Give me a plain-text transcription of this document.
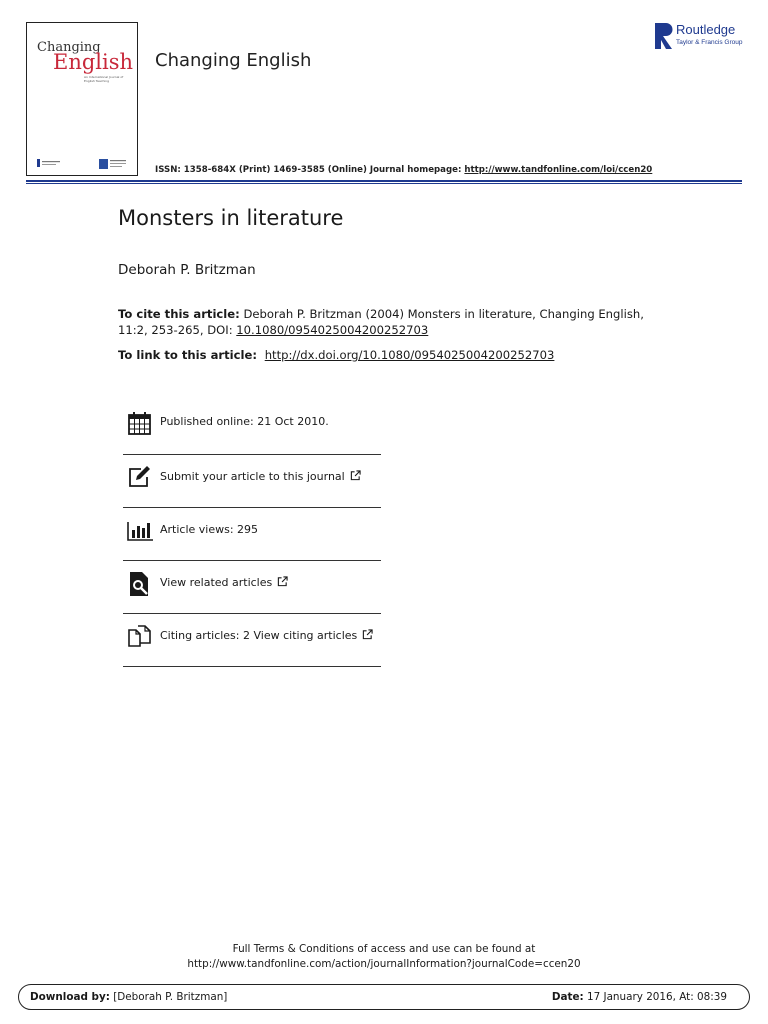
Changing
English
An International Journal of English Teaching
Changing English
ISSN: 1358-684X (Print) 1469-3585 (Online) Journal homepage: http://www.tandfonline.com/loi/ccen20
Routledge
Taylor & Francis Group
Monsters in literature
Deborah P. Britzman
To cite this article: Deborah P. Britzman (2004) Monsters in literature, Changing English, 11:2, 253-265, DOI: 10.1080/0954025004200252703
To link to this article:  http://dx.doi.org/10.1080/0954025004200252703
Published online: 21 Oct 2010.
Submit your article to this journal
Article views: 295
View related articles
Citing articles: 2 View citing articles
Full Terms & Conditions of access and use can be found at
http://www.tandfonline.com/action/journalInformation?journalCode=ccen20
Download by: [Deborah P. Britzman]	Date: 17 January 2016, At: 08:39
